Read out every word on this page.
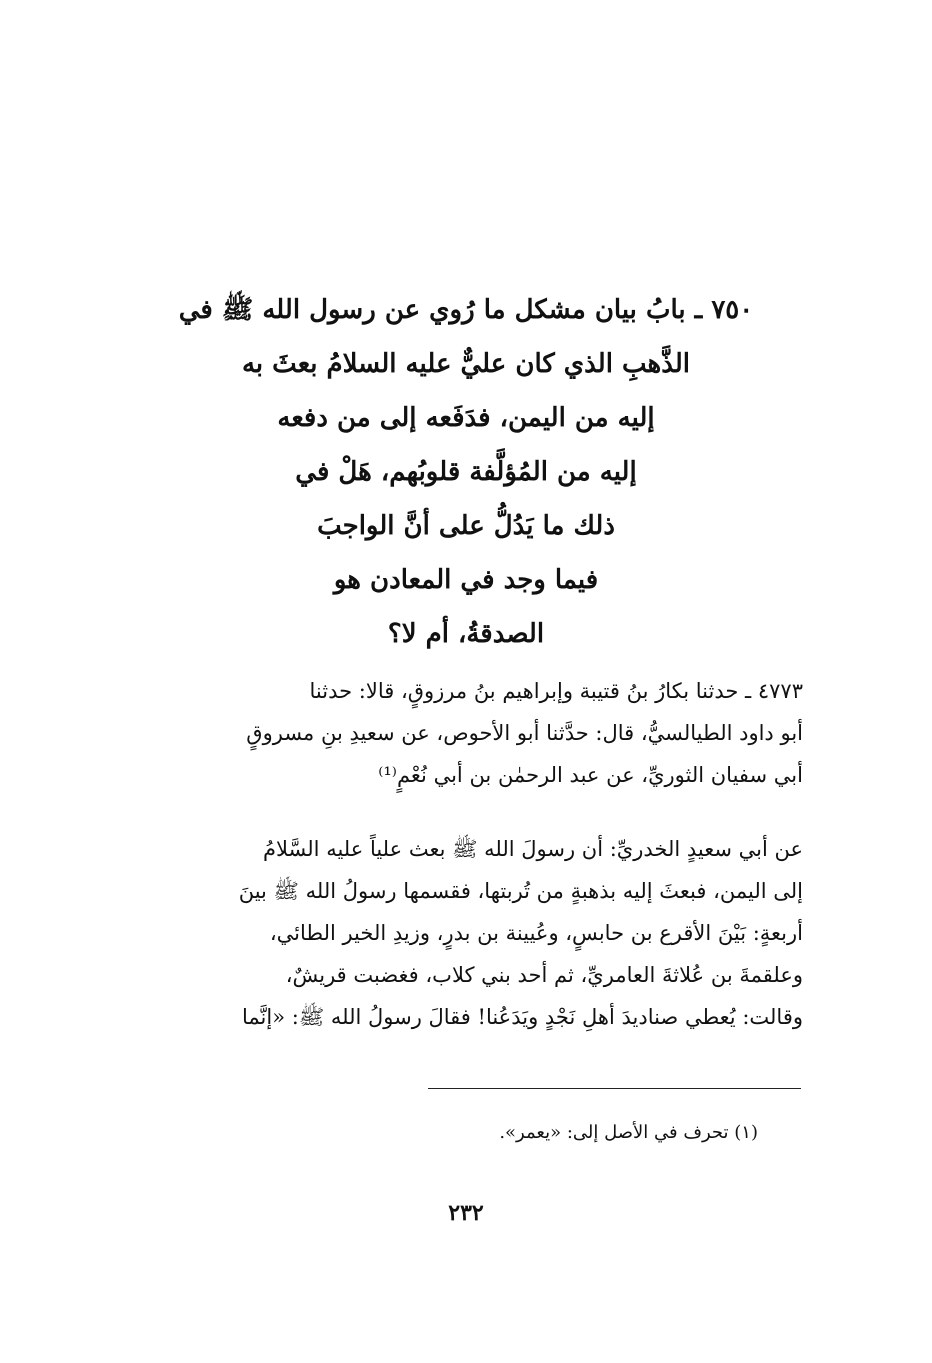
٧٥٠ ـ بابُ بيان مشكل ما رُوي عن رسول الله ﷺ في
الذَّهبِ الذي كان عليٌّ عليه السلامُ بعثَ به
إليه من اليمن، فدَفَعه إلى من دفعه
إليه من المُؤلَّفة قلوبُهم، هَلْ في
ذلك ما يَدُلُّ على أنَّ الواجبَ
فيما وجد في المعادن هو
الصدقةُ، أم لا؟
٤٧٧٣ ـ حدثنا بكارُ بنُ قتيبة وإبراهيم بنُ مرزوقٍ، قالا: حدثنا
أبو داود الطيالسيُّ، قال: حدَّثنا أبو الأحوص، عن سعيدِ بنِ مسروقٍ
أبي سفيان الثوريِّ، عن عبد الرحمٰن بن أبي نُعْمٍ⁽¹⁾
عن أبي سعيدٍ الخدريِّ: أن رسولَ الله ﷺ بعث علياً عليه السَّلامُ
إلى اليمن، فبعثَ إليه بذهبةٍ من تُربتها، فقسمها رسولُ الله ﷺ بينَ
أربعةٍ: بَيْنَ الأقرع بن حابسٍ، وعُيينة بن بدرٍ، وزيدِ الخير الطائي،
وعلقمةَ بن عُلاثةَ العامريِّ، ثم أحد بني كلاب، فغضبت قريشٌ،
وقالت: يُعطي صناديدَ أهلِ نَجْدٍ ويَدَعُنا! فقالَ رسولُ الله ﷺ: «إنَّما
(١) تحرف في الأصل إلى: «يعمر».
٢٣٢
